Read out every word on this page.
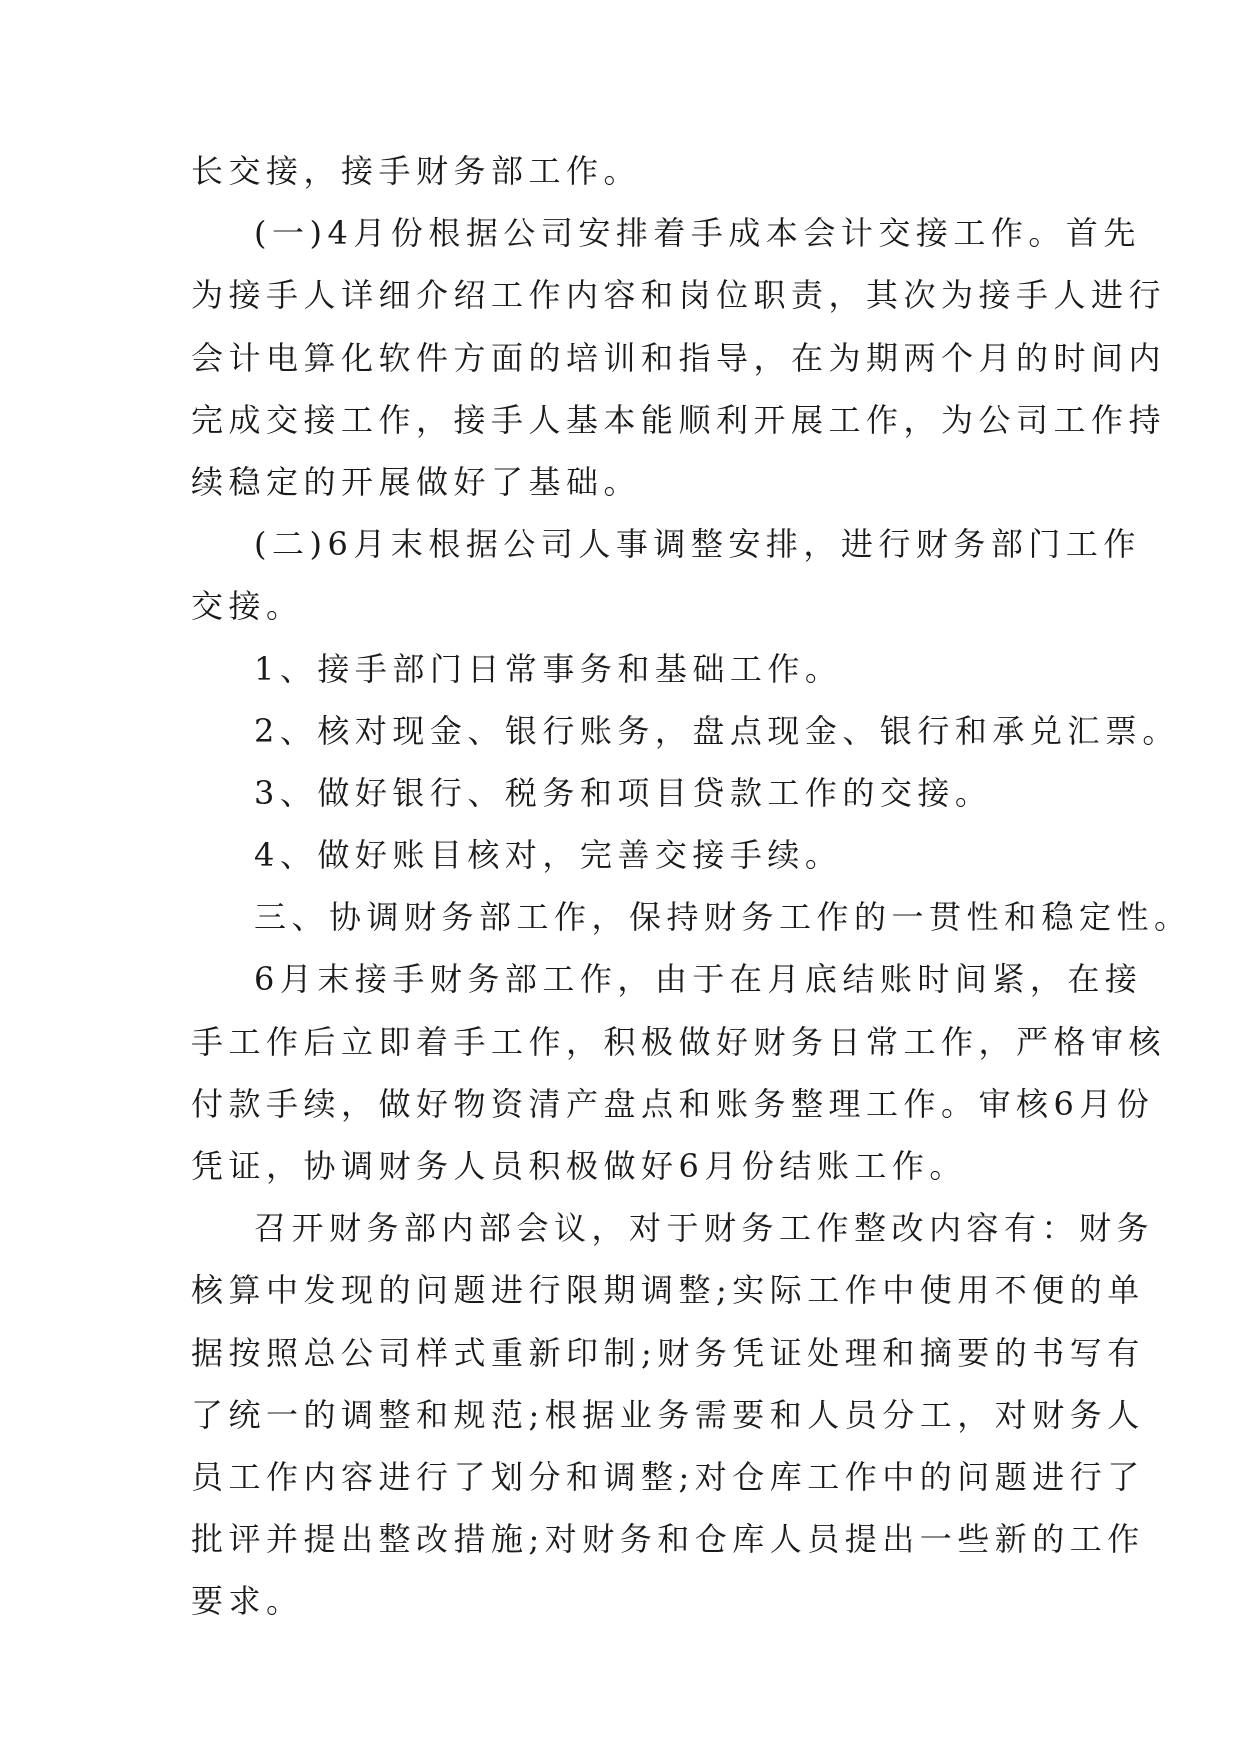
长交接，接手财务部工作。
(一)4月份根据公司安排着手成本会计交接工作。首先
为接手人详细介绍工作内容和岗位职责，其次为接手人进行
会计电算化软件方面的培训和指导，在为期两个月的时间内
完成交接工作，接手人基本能顺利开展工作，为公司工作持
续稳定的开展做好了基础。
(二)6月末根据公司人事调整安排，进行财务部门工作
交接。
1、接手部门日常事务和基础工作。
2、核对现金、银行账务，盘点现金、银行和承兑汇票。
3、做好银行、税务和项目贷款工作的交接。
4、做好账目核对，完善交接手续。
三、协调财务部工作，保持财务工作的一贯性和稳定性。
6月末接手财务部工作，由于在月底结账时间紧，在接
手工作后立即着手工作，积极做好财务日常工作，严格审核
付款手续，做好物资清产盘点和账务整理工作。审核6月份
凭证，协调财务人员积极做好6月份结账工作。
召开财务部内部会议，对于财务工作整改内容有：财务
核算中发现的问题进行限期调整;实际工作中使用不便的单
据按照总公司样式重新印制;财务凭证处理和摘要的书写有
了统一的调整和规范;根据业务需要和人员分工，对财务人
员工作内容进行了划分和调整;对仓库工作中的问题进行了
批评并提出整改措施;对财务和仓库人员提出一些新的工作
要求。
